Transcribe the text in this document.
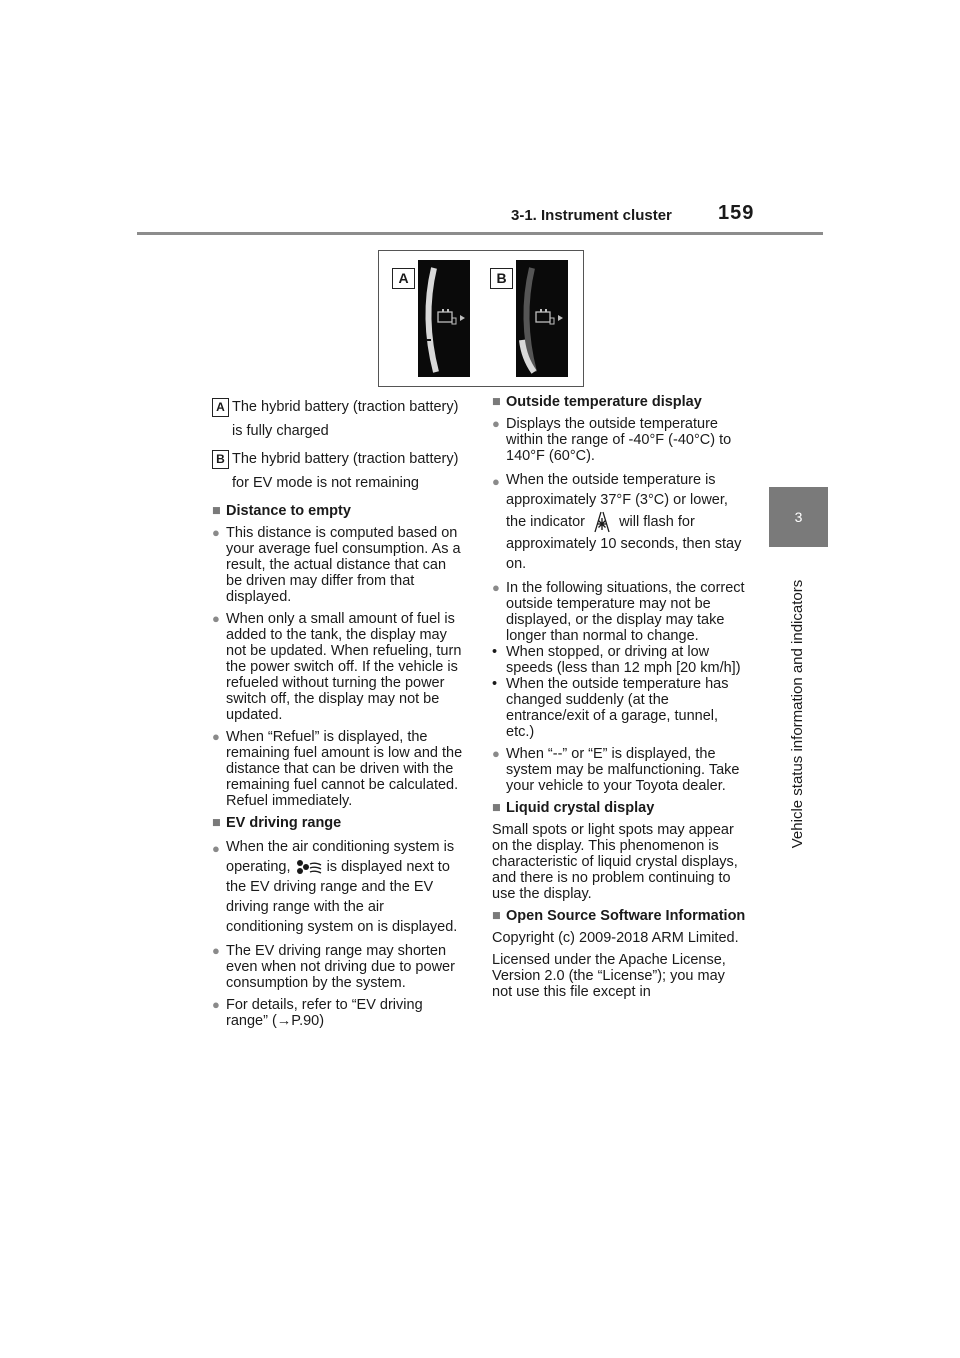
3-1. Instrument cluster 159
3
Vehicle status information and indicators
A	B
A The hybrid battery (traction battery) is fully charged
B The hybrid battery (traction battery) for EV mode is not remaining
■ Distance to empty
● This distance is computed based on your average fuel consumption. As a result, the actual distance that can be driven may differ from that displayed.
● When only a small amount of fuel is added to the tank, the display may not be updated. When refueling, turn the power switch off. If the vehicle is refueled without turning the power switch off, the display may not be updated.
● When “Refuel” is displayed, the remaining fuel amount is low and the distance that can be driven with the remaining fuel cannot be calculated. Refuel immediately.
■ EV driving range
● When the air conditioning system is operating, is displayed next to the EV driving range and the EV driving range with the air conditioning system on is displayed.
● The EV driving range may shorten even when not driving due to power consumption by the system.
● For details, refer to “EV driving range” (→P.90)
■ Outside temperature display
● Displays the outside temperature within the range of -40°F (-40°C) to 140°F (60°C).
● When the outside temperature is approximately 37°F (3°C) or lower, the indicator will flash for approximately 10 seconds, then stay on.
● In the following situations, the correct outside temperature may not be displayed, or the display may take longer than normal to change.
• When stopped, or driving at low speeds (less than 12 mph [20 km/h])
• When the outside temperature has changed suddenly (at the entrance/exit of a garage, tunnel, etc.)
● When “--” or “E” is displayed, the system may be malfunctioning. Take your vehicle to your Toyota dealer.
■ Liquid crystal display
Small spots or light spots may appear on the display. This phenomenon is characteristic of liquid crystal displays, and there is no problem continuing to use the display.
■ Open Source Software Information
Copyright (c) 2009-2018 ARM Limited.
Licensed under the Apache License, Version 2.0 (the “License”); you may not use this file except in
